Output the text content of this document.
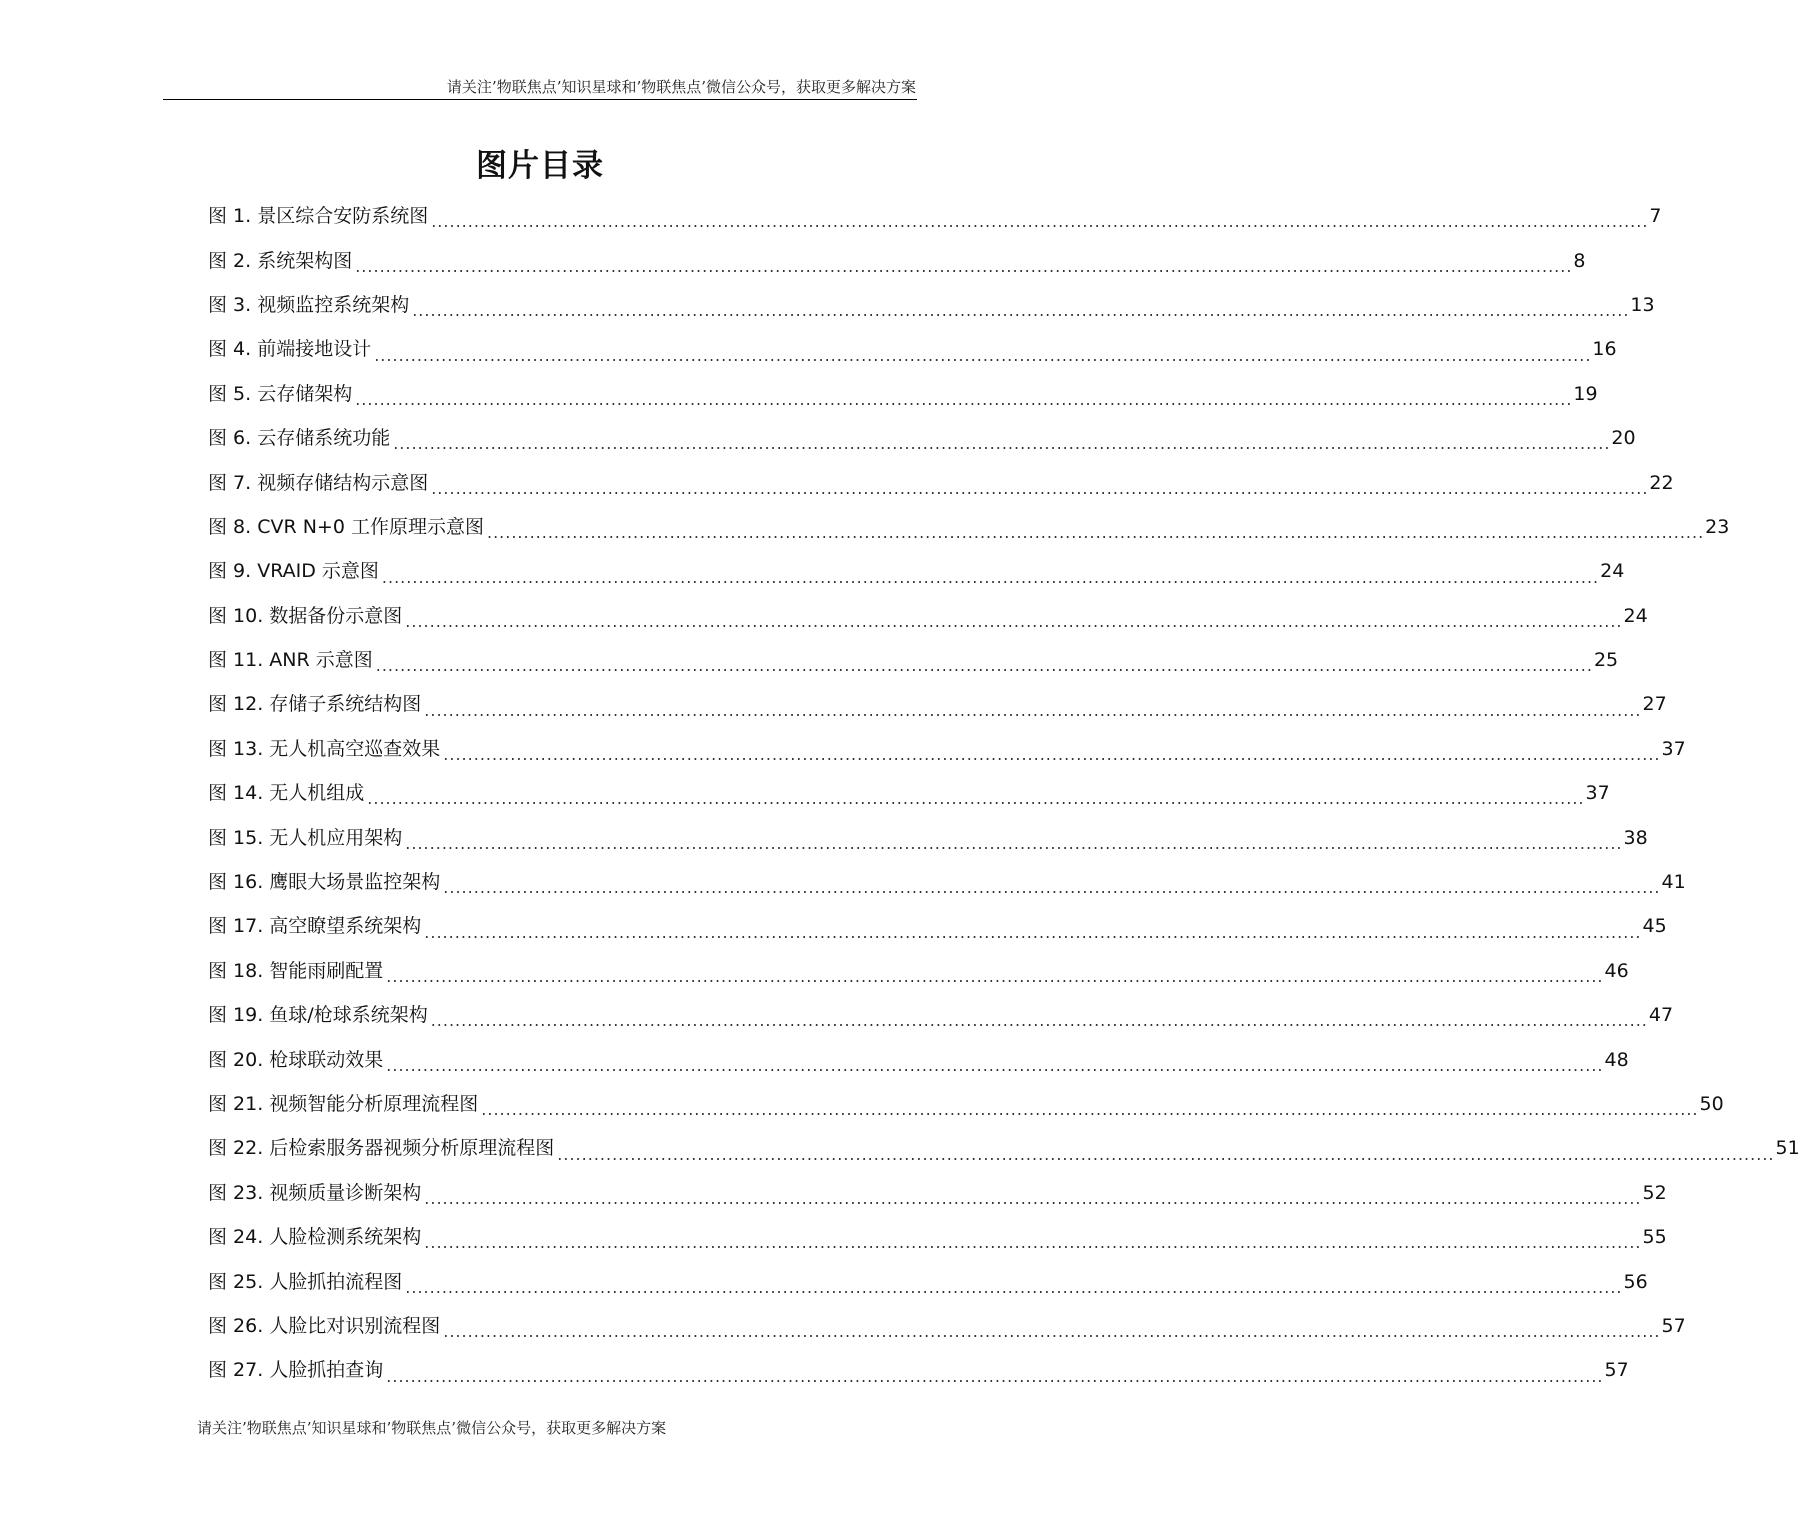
请关注’物联焦点’知识星球和’物联焦点’微信公众号，获取更多解决方案
图片目录
图 1. 景区综合安防系统图 ........................................................................................................................................................................................................ 7
图 2. 系统架构图 ........................................................................................................................................................................................................ 8
图 3. 视频监控系统架构 ........................................................................................................................................................................................................ 13
图 4. 前端接地设计 ........................................................................................................................................................................................................ 16
图 5. 云存储架构 ........................................................................................................................................................................................................ 19
图 6. 云存储系统功能 ........................................................................................................................................................................................................ 20
图 7. 视频存储结构示意图 ........................................................................................................................................................................................................ 22
图 8. CVR N+0 工作原理示意图 ........................................................................................................................................................................................................ 23
图 9. VRAID 示意图 ........................................................................................................................................................................................................ 24
图 10. 数据备份示意图 ........................................................................................................................................................................................................ 24
图 11. ANR 示意图 ........................................................................................................................................................................................................ 25
图 12. 存储子系统结构图 ........................................................................................................................................................................................................ 27
图 13. 无人机高空巡查效果 ........................................................................................................................................................................................................ 37
图 14. 无人机组成 ........................................................................................................................................................................................................ 37
图 15. 无人机应用架构 ........................................................................................................................................................................................................ 38
图 16. 鹰眼大场景监控架构 ........................................................................................................................................................................................................ 41
图 17. 高空瞭望系统架构 ........................................................................................................................................................................................................ 45
图 18. 智能雨刷配置 ........................................................................................................................................................................................................ 46
图 19. 鱼球/枪球系统架构 ........................................................................................................................................................................................................ 47
图 20. 枪球联动效果 ........................................................................................................................................................................................................ 48
图 21. 视频智能分析原理流程图 ........................................................................................................................................................................................................ 50
图 22. 后检索服务器视频分析原理流程图 ........................................................................................................................................................................................................ 51
图 23. 视频质量诊断架构 ........................................................................................................................................................................................................ 52
图 24. 人脸检测系统架构 ........................................................................................................................................................................................................ 55
图 25. 人脸抓拍流程图 ........................................................................................................................................................................................................ 56
图 26. 人脸比对识别流程图 ........................................................................................................................................................................................................ 57
图 27. 人脸抓拍查询 ........................................................................................................................................................................................................ 57
请关注’物联焦点’知识星球和’物联焦点’微信公众号，获取更多解决方案
